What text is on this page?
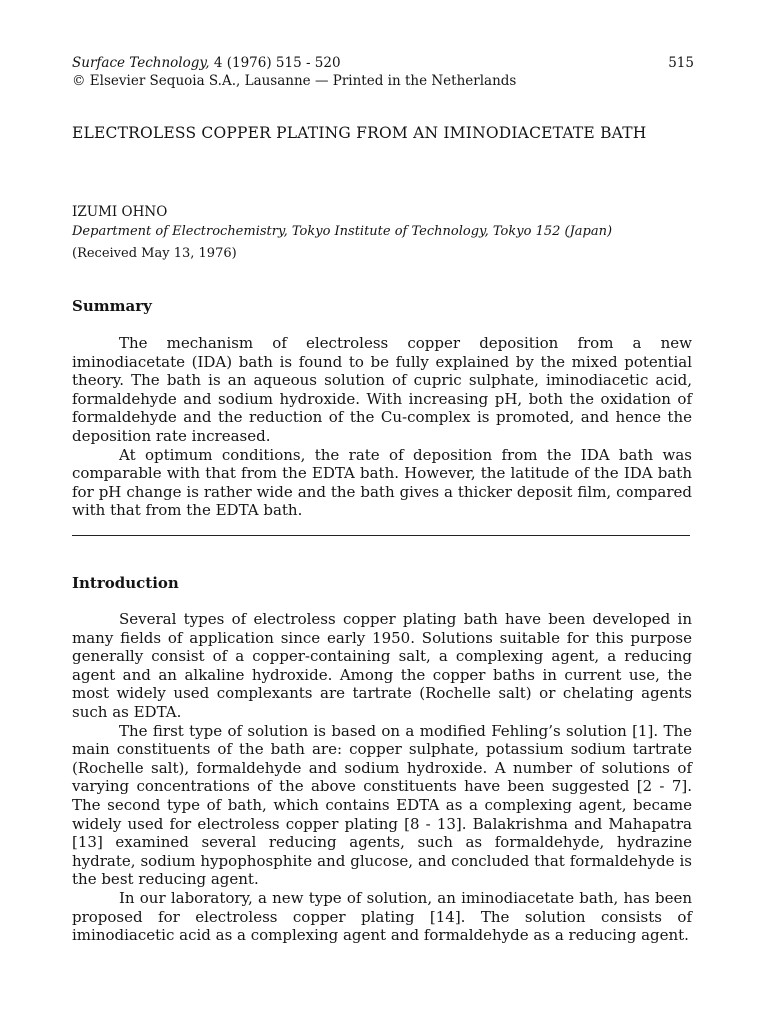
Surface Technology, 4 (1976) 515 - 520
© Elsevier Sequoia S.A., Lausanne — Printed in the Netherlands
515
ELECTROLESS COPPER PLATING FROM AN IMINODIACETATE BATH
IZUMI OHNO
Department of Electrochemistry, Tokyo Institute of Technology, Tokyo 152 (Japan)
(Received May 13, 1976)
Summary

The mechanism of electroless copper deposition from a new iminodiacetate (IDA) bath is found to be fully explained by the mixed potential theory. The bath is an aqueous solution of cupric sulphate, iminodiacetic acid, formaldehyde and sodium hydroxide. With increasing pH, both the oxidation of formaldehyde and the reduction of the Cu-complex is promoted, and hence the deposition rate increased.

At optimum conditions, the rate of deposition from the IDA bath was comparable with that from the EDTA bath. However, the latitude of the IDA bath for pH change is rather wide and the bath gives a thicker deposit film, compared with that from the EDTA bath.

Introduction

Several types of electroless copper plating bath have been developed in many fields of application since early 1950. Solutions suitable for this purpose generally consist of a copper-containing salt, a complexing agent, a reducing agent and an alkaline hydroxide. Among the copper baths in current use, the most widely used complexants are tartrate (Rochelle salt) or chelating agents such as EDTA.

The first type of solution is based on a modified Fehling’s solution [1]. The main constituents of the bath are: copper sulphate, potassium sodium tartrate (Rochelle salt), formaldehyde and sodium hydroxide. A number of solutions of varying concentrations of the above constituents have been suggested [2 - 7]. The second type of bath, which contains EDTA as a complexing agent, became widely used for electroless copper plating [8 - 13]. Balakrishma and Mahapatra [13] examined several reducing agents, such as formaldehyde, hydrazine hydrate, sodium hypophosphite and glucose, and concluded that formaldehyde is the best reducing agent.

In our laboratory, a new type of solution, an iminodiacetate bath, has been proposed for electroless copper plating [14]. The solution consists of iminodiacetic acid as a complexing agent and formaldehyde as a reducing agent.
